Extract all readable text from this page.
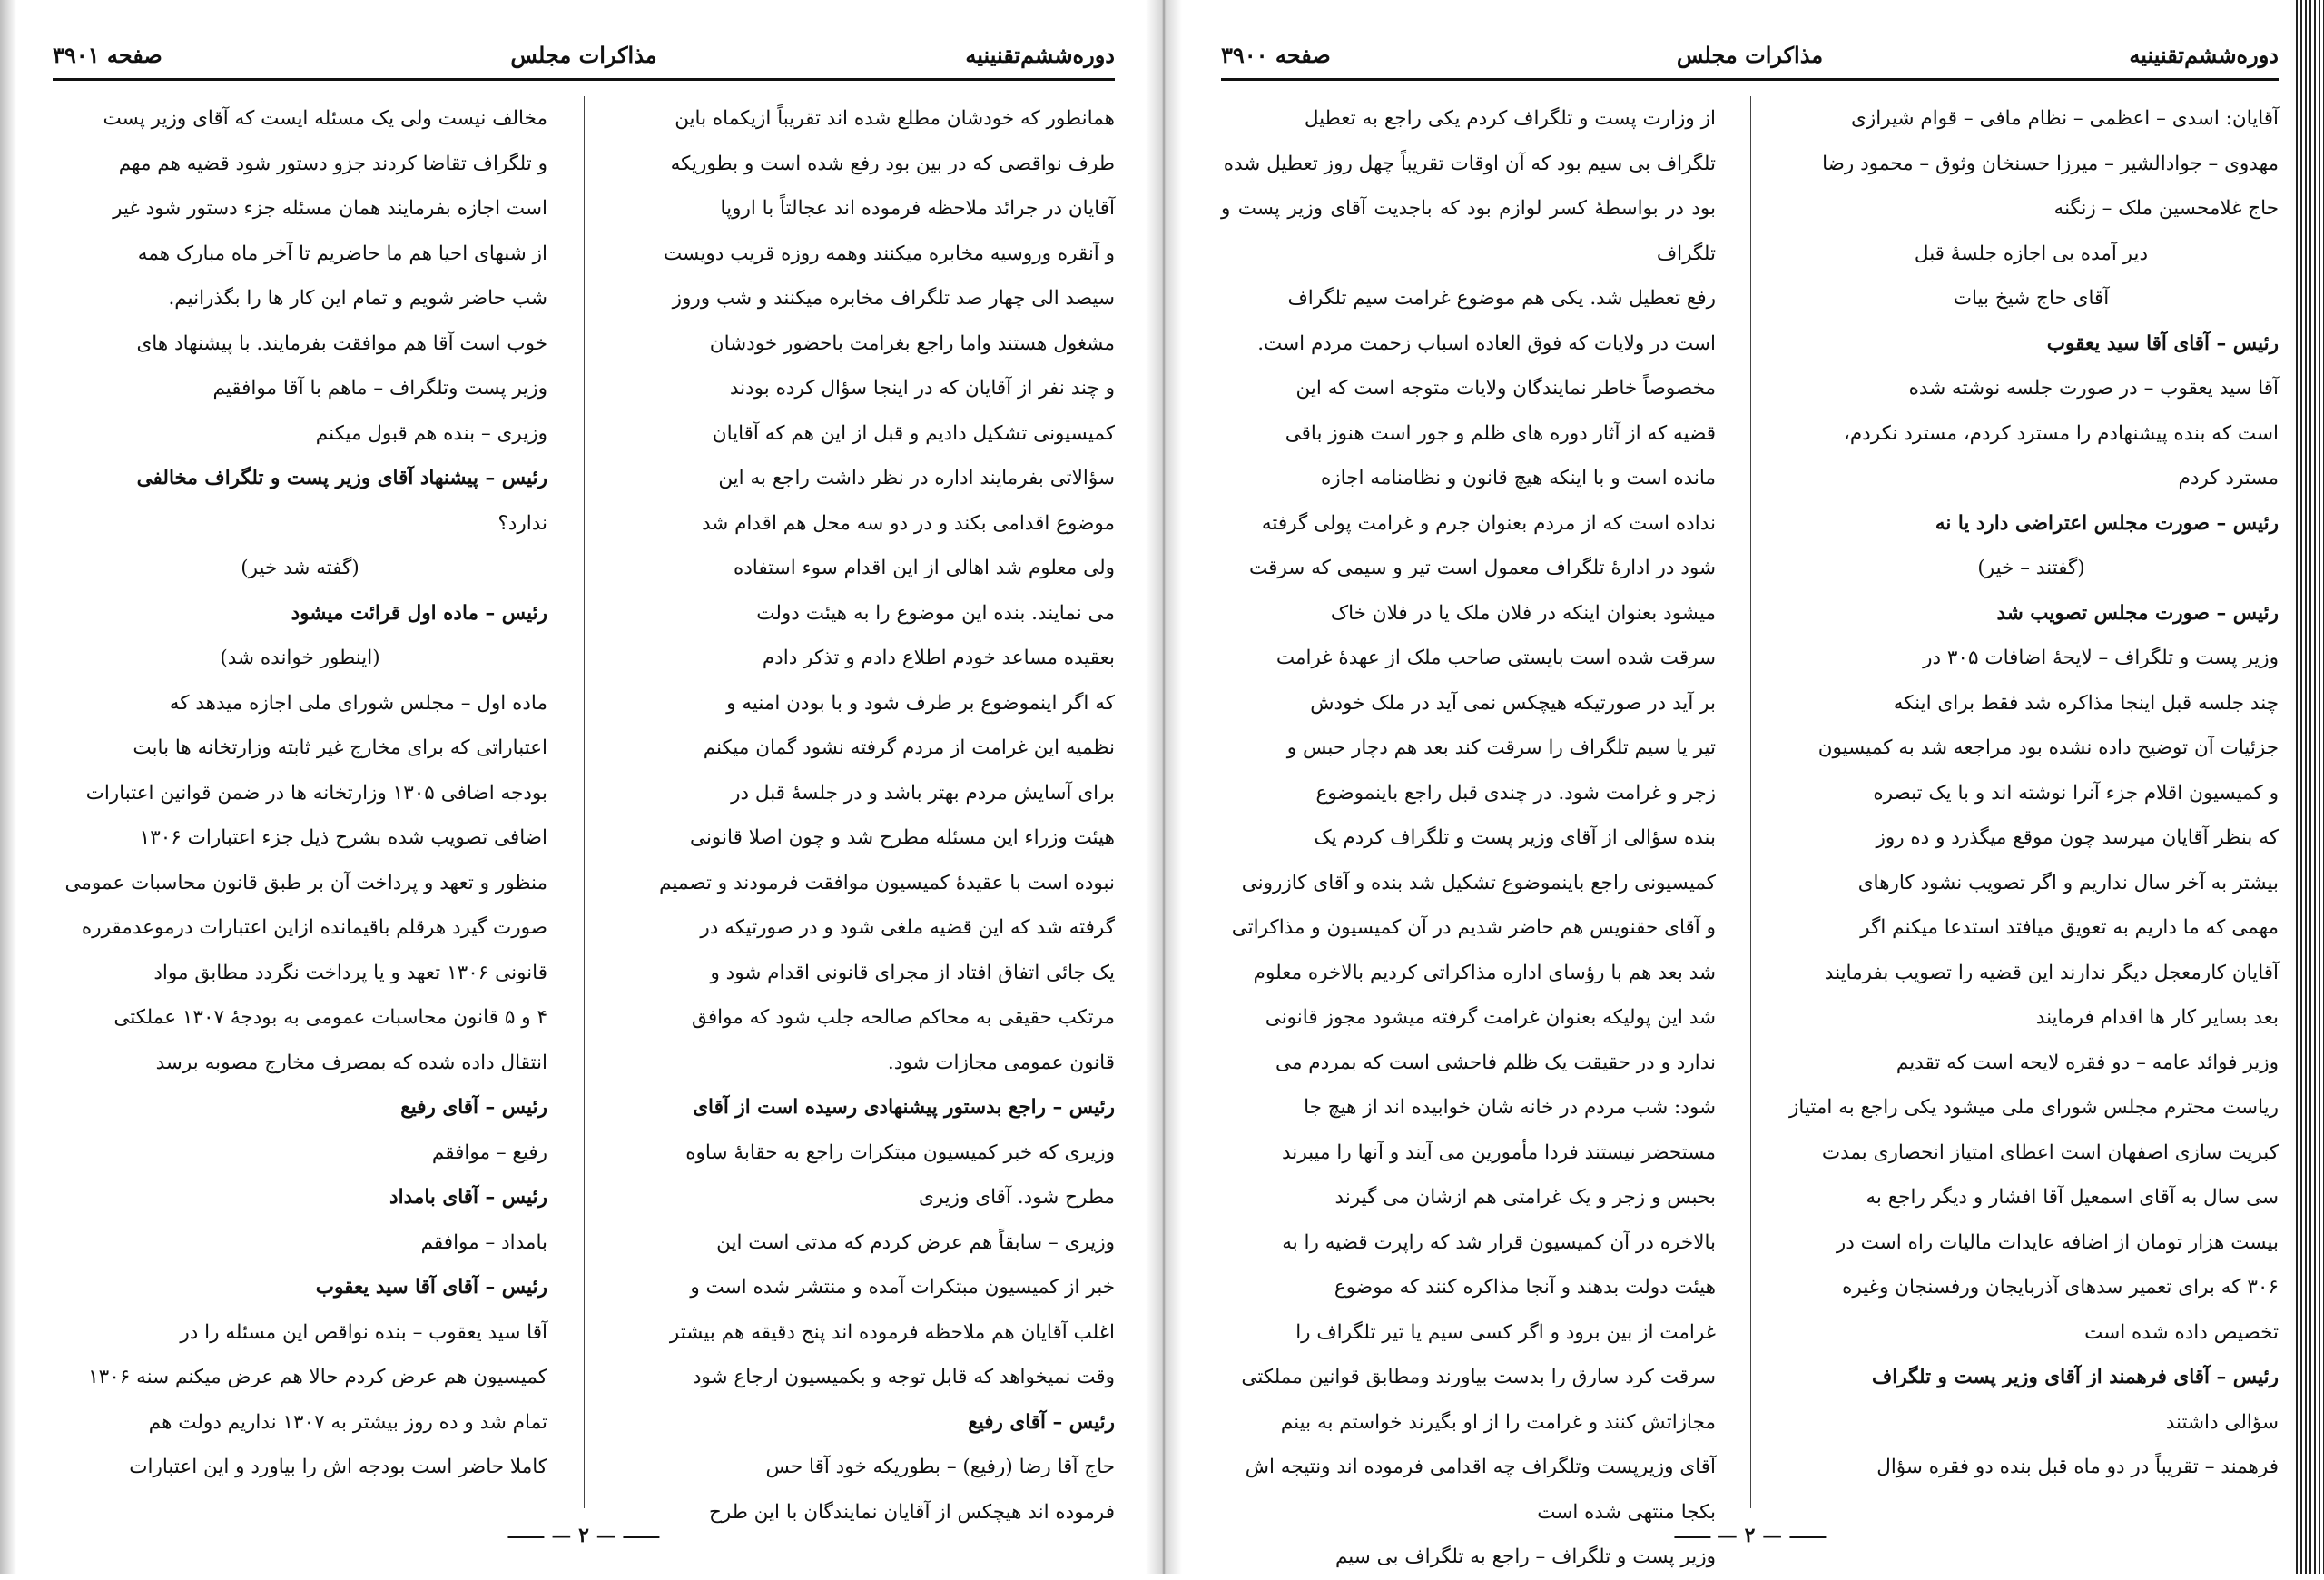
دوره‌ششم‌تقنینیه
مذاکرات مجلس
صفحه ۳۹۰۱

همانطور که خودشان مطلع شده اند تقریباً ازیکماه باین

طرف نواقصی که در بین بود رفع شده است و بطوریکه

آقایان در جرائد ملاحظه فرموده اند عجالتاً با اروپا

و آنقره وروسیه مخابره میکنند وهمه روزه قریب دویست

سیصد الی چهار صد تلگراف مخابره میکنند و شب وروز

مشغول هستند واما راجع بغرامت باحضور خودشان

و چند نفر از آقایان که در اینجا سؤال کرده بودند

کمیسیونی تشکیل دادیم و قبل از این هم که آقایان

سؤالاتی بفرمایند اداره در نظر داشت راجع به این

موضوع اقدامی بکند و در دو سه محل هم اقدام شد

ولی معلوم شد اهالی از این اقدام سوء استفاده

می نمایند. بنده این موضوع را به هیئت دولت

بعقیده مساعد خودم اطلاع دادم و تذکر دادم

که اگر اینموضوع بر طرف شود و با بودن امنیه و

نظمیه این غرامت از مردم گرفته نشود گمان میکنم

برای آسایش مردم بهتر باشد و در جلسهٔ قبل در

هیئت وزراء این مسئله مطرح شد و چون اصلا قانونی

نبوده است با عقیدهٔ کمیسیون موافقت فرمودند و تصمیم

گرفته شد که این قضیه ملغی شود و در صورتیکه در

یک جائی اتفاق افتاد از مجرای قانونی اقدام شود و

مرتکب حقیقی به محاکم صالحه جلب شود که موافق

قانون عمومی مجازات شود.

رئیس – راجع بدستور پیشنهادی رسیده است از آقای

وزیری که خبر کمیسیون مبتکرات راجع به حقابهٔ ساوه

مطرح شود. آقای وزیری

وزیری – سابقاً هم عرض کردم که مدتی است این

خبر از کمیسیون مبتکرات آمده و منتشر شده است و

اغلب آقایان هم ملاحظه فرموده اند پنج دقیقه هم بیشتر

وقت نمیخواهد که قابل توجه و بکمیسیون ارجاع شود

رئیس – آقای رفیع

حاج آقا رضا (رفیع) – بطوریکه خود آقا حس

فرموده اند هیچکس از آقایان نمایندگان با این طرح

مخالف نیست ولی یک مسئله ایست که آقای وزیر پست

و تلگراف تقاضا کردند جزو دستور شود قضیه هم مهم

است اجازه بفرمایند همان مسئله جزء دستور شود غیر

از شبهای احیا هم ما حاضریم تا آخر ماه مبارک همه

شب حاضر شویم و تمام این کار ها را بگذرانیم.

خوب است آقا هم موافقت بفرمایند. با پیشنهاد های

وزیر پست وتلگراف – ماهم با آقا موافقیم

وزیری – بنده هم قبول میکنم

رئیس – پیشنهاد آقای وزیر پست و تلگراف مخالفی

ندارد؟

(گفته شد خیر)

رئیس – ماده اول قرائت میشود

(اینطور خوانده شد)

ماده اول – مجلس شورای ملی اجازه میدهد که

اعتباراتی که برای مخارج غیر ثابته وزارتخانه ها بابت

بودجه اضافی ۱۳۰۵ وزارتخانه ها در ضمن قوانین اعتبارات

اضافی تصویب شده بشرح ذیل جزء اعتبارات ۱۳۰۶

منظور و تعهد و پرداخت آن بر طبق قانون محاسبات عمومی

صورت گیرد هرقلم باقیمانده ازاین اعتبارات درموعدمقرره

قانونی ۱۳۰۶ تعهد و یا پرداخت نگردد مطابق مواد

۴ و ۵ قانون محاسبات عمومی به بودجهٔ ۱۳۰۷ عملکتی

انتقال داده شده که بمصرف مخارج مصوبه برسد

رئیس – آقای رفیع

رفیع – موافقم

رئیس – آقای بامداد

بامداد – موافقم

رئیس – آقای آقا سید یعقوب

آقا سید یعقوب – بنده نواقص این مسئله را در

کمیسیون هم عرض کردم حالا هم عرض میکنم سنه ۱۳۰۶

تمام شد و ده روز بیشتر به ۱۳۰۷ نداریم دولت هم

کاملا حاضر است بودجه اش را بیاورد و این اعتبارات

— ۲ —
دوره‌ششم‌تقنینیه
مذاکرات مجلس
صفحه ۳۹۰۰

آقایان: اسدی – اعظمی – نظام مافی – قوام شیرازی

مهدوی – جوادالشیر – میرزا حسنخان وثوق – محمود رضا

حاج غلامحسین ملک – زنگنه

دیر آمده بی اجازه جلسهٔ قبل

آقای حاج شیخ بیات

رئیس – آقای آقا سید یعقوب

آقا سید یعقوب – در صورت جلسه نوشته شده

است که بنده پیشنهادم را مسترد کردم، مسترد نکردم،

مسترد کردم

رئیس – صورت مجلس اعتراضی دارد یا نه

(گفتند – خیر)

رئیس – صورت مجلس تصویب شد

وزیر پست و تلگراف – لایحهٔ اضافات ۳۰۵ در

چند جلسه قبل اینجا مذاکره شد فقط برای اینکه

جزئیات آن توضیح داده نشده بود مراجعه شد به کمیسیون

و کمیسیون اقلام جزء آنرا نوشته اند و با یک تبصره

که بنظر آقایان میرسد چون موقع میگذرد و ده روز

بیشتر به آخر سال نداریم و اگر تصویب نشود کارهای

مهمی که ما داریم به تعویق میافتد استدعا میکنم اگر

آقایان کارمعجل دیگر ندارند این قضیه را تصویب بفرمایند

بعد بسایر کار ها اقدام فرمایند

وزیر فوائد عامه – دو فقره لایحه است که تقدیم

ریاست محترم مجلس شورای ملی میشود یکی راجع به امتیاز

کبریت سازی اصفهان است اعطای امتیاز انحصاری بمدت

سی سال به آقای اسمعیل آقا افشار و دیگر راجع به

بیست هزار تومان از اضافه عایدات مالیات راه است در

۳۰۶ که برای تعمیر سدهای آذربایجان ورفسنجان وغیره

تخصیص داده شده است

رئیس – آقای فرهمند از آقای وزیر پست و تلگراف

سؤالی داشتند

فرهمند – تقریباً در دو ماه قبل بنده دو فقره سؤال

از وزارت پست و تلگراف کردم یکی راجع به تعطیل

تلگراف بی سیم بود که آن اوقات تقریباً چهل روز تعطیل شده

بود در بواسطهٔ کسر لوازم بود که باجدیت آقای وزیر پست و تلگراف

رفع تعطیل شد. یکی هم موضوع غرامت سیم تلگراف

است در ولایات که فوق العاده اسباب زحمت مردم است.

مخصوصاً خاطر نمایندگان ولایات متوجه است که این

قضیه که از آثار دوره های ظلم و جور است هنوز باقی

مانده است و با اینکه هیچ قانون و نظامنامه اجازه

نداده است که از مردم بعنوان جرم و غرامت پولی گرفته

شود در ادارهٔ تلگراف معمول است تیر و سیمی که سرقت

میشود بعنوان اینکه در فلان ملک یا در فلان خاک

سرقت شده است بایستی صاحب ملک از عهدهٔ غرامت

بر آید در صورتیکه هیچکس نمی آید در ملک خودش

تیر یا سیم تلگراف را سرقت کند بعد هم دچار حبس و

زجر و غرامت شود. در چندی قبل راجع باینموضوع

بنده سؤالی از آقای وزیر پست و تلگراف کردم یک

کمیسیونی راجع باینموضوع تشکیل شد بنده و آقای کازرونی

و آقای حقنویس هم حاضر شدیم در آن کمیسیون و مذاکراتی

شد بعد هم با رؤسای اداره مذاکراتی کردیم بالاخره معلوم

شد این پولیکه بعنوان غرامت گرفته میشود مجوز قانونی

ندارد و در حقیقت یک ظلم فاحشی است که بمردم می

شود: شب مردم در خانه شان خوابیده اند از هیچ جا

مستحضر نیستند فردا مأمورین می آیند و آنها را میبرند

بحبس و زجر و یک غرامتی هم ازشان می گیرند

بالاخره در آن کمیسیون قرار شد که راپرت قضیه را به

هیئت دولت بدهند و آنجا مذاکره کنند که موضوع

غرامت از بین برود و اگر کسی سیم یا تیر تلگراف را

سرقت کرد سارق را بدست بیاورند ومطابق قوانین مملکتی

مجازاتش کنند و غرامت را از او بگیرند خواستم به بینم

آقای وزیرپست وتلگراف چه اقدامی فرموده اند ونتیجه اش

بکجا منتهی شده است

وزیر پست و تلگراف – راجع به تلگراف بی سیم

— ۲ —
